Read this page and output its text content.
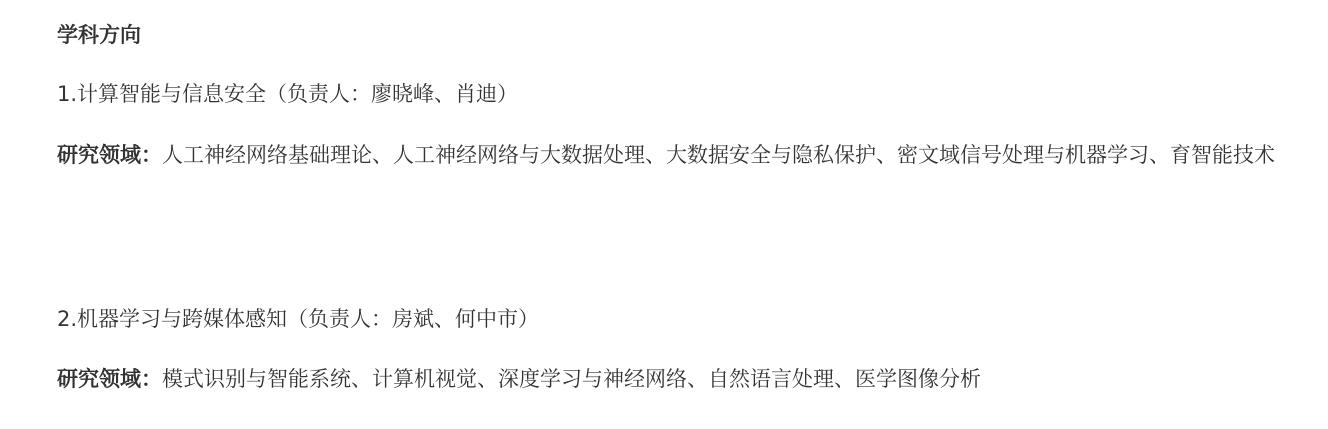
学科方向

1.计算智能与信息安全（负责人：廖晓峰、肖迪）

研究领域：人工神经网络基础理论、人工神经网络与大数据处理、大数据安全与隐私保护、密文域信号处理与机器学习、育智能技术

2.机器学习与跨媒体感知（负责人：房斌、何中市）

研究领域：模式识别与智能系统、计算机视觉、深度学习与神经网络、自然语言处理、医学图像分析
